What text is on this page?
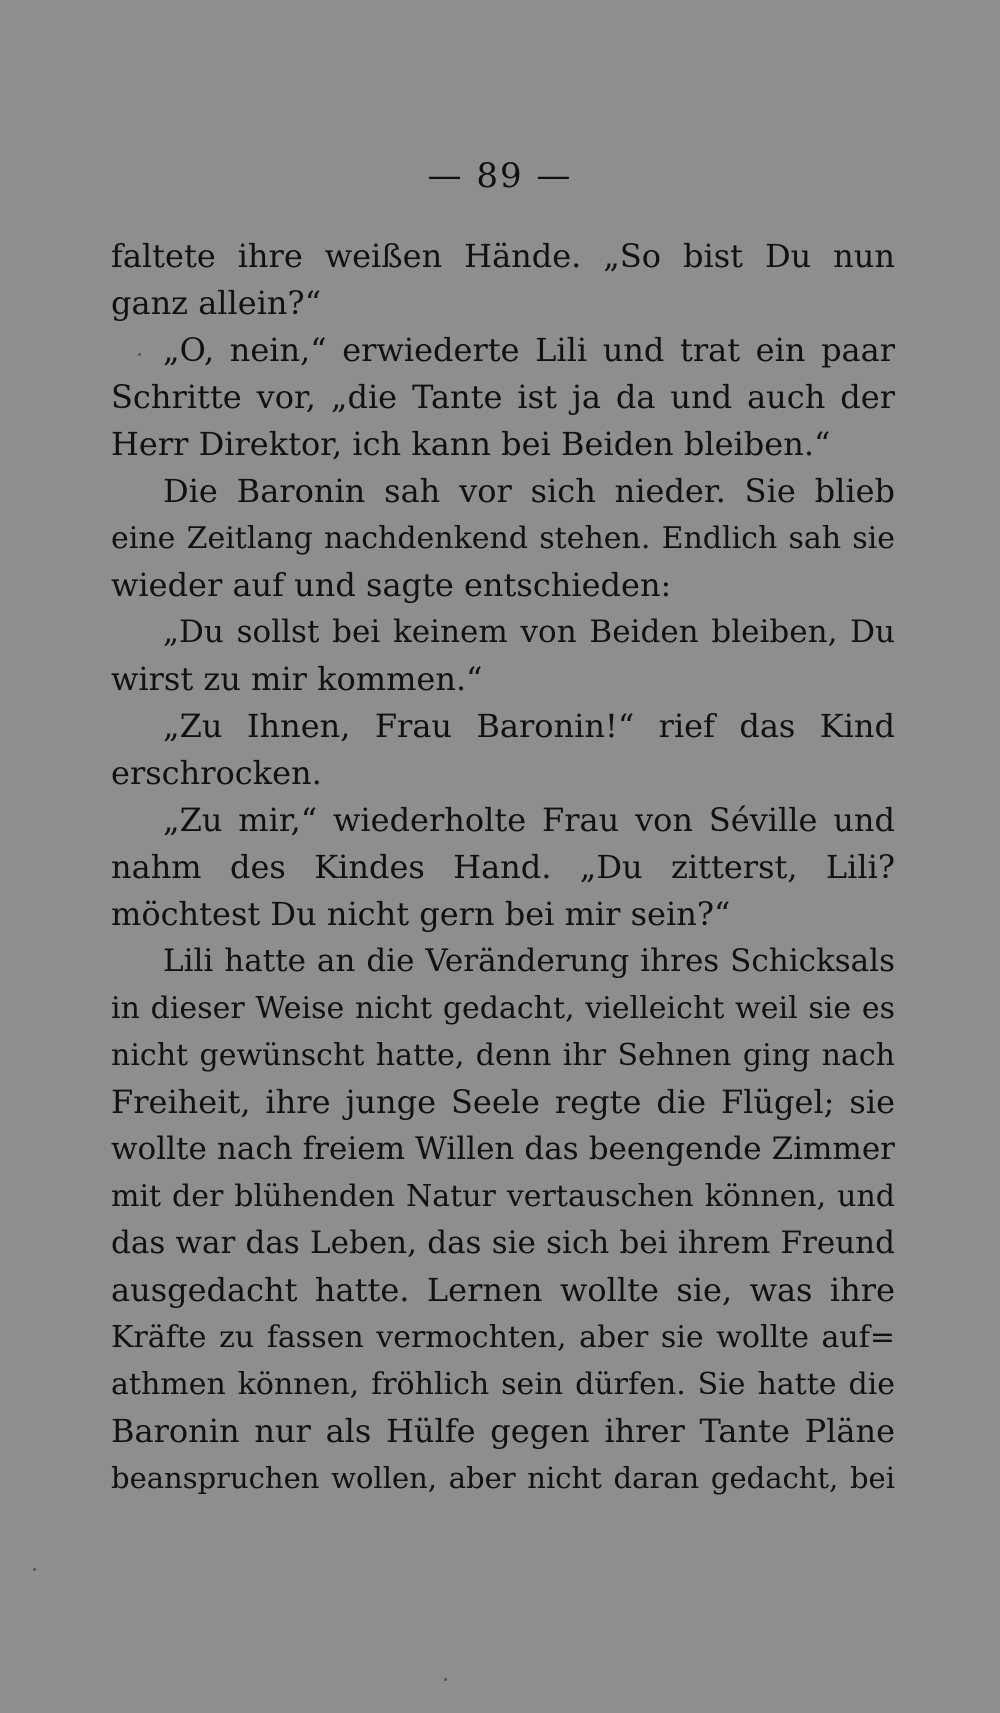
— 89 —
faltete ihre weißen Hände. „So bist Du nun
ganz allein?“
„O, nein,“ erwiederte Lili und trat ein paar
Schritte vor, „die Tante ist ja da und auch der
Herr Direktor, ich kann bei Beiden bleiben.“
Die Baronin sah vor sich nieder. Sie blieb
eine Zeitlang nachdenkend stehen. Endlich sah sie
wieder auf und sagte entschieden:
„Du sollst bei keinem von Beiden bleiben, Du
wirst zu mir kommen.“
„Zu Ihnen, Frau Baronin!“ rief das Kind
erschrocken.
„Zu mir,“ wiederholte Frau von Séville und
nahm des Kindes Hand. „Du zitterst, Lili?
möchtest Du nicht gern bei mir sein?“
Lili hatte an die Veränderung ihres Schicksals
in dieser Weise nicht gedacht, vielleicht weil sie es
nicht gewünscht hatte, denn ihr Sehnen ging nach
Freiheit, ihre junge Seele regte die Flügel; sie
wollte nach freiem Willen das beengende Zimmer
mit der blühenden Natur vertauschen können, und
das war das Leben, das sie sich bei ihrem Freund
ausgedacht hatte. Lernen wollte sie, was ihre
Kräfte zu fassen vermochten, aber sie wollte auf=
athmen können, fröhlich sein dürfen. Sie hatte die
Baronin nur als Hülfe gegen ihrer Tante Pläne
beanspruchen wollen, aber nicht daran gedacht, bei
